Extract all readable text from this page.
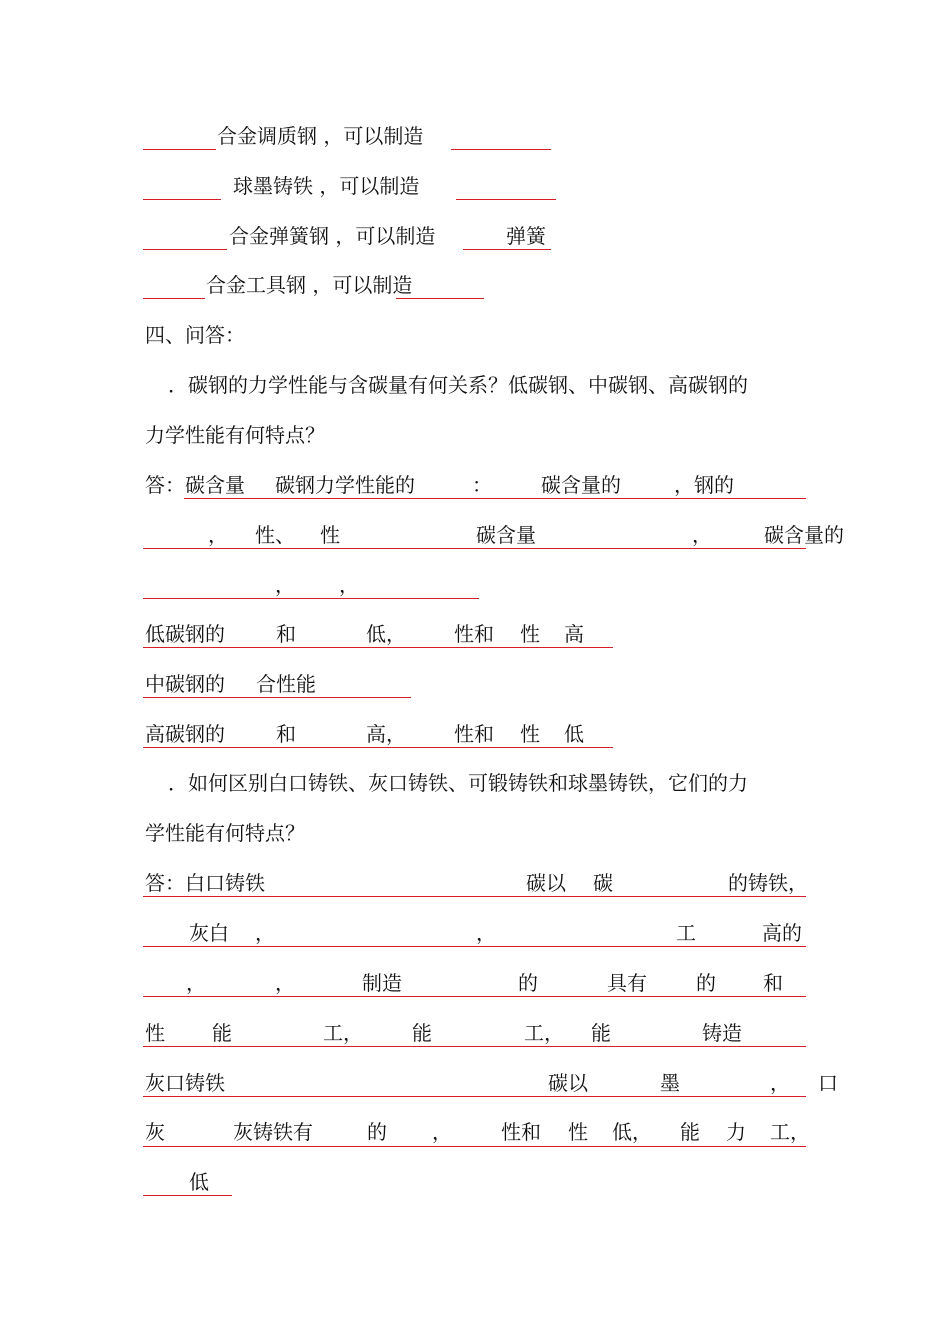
合金调质钢 ，可以制造
球墨铸铁 ，可以制造
合金弹簧钢 ，可以制造	弹簧
合金工具钢 ，可以制造
四、问答：
．碳钢的力学性能与含碳量有何关系？低碳钢、中碳钢、高碳钢的
力学性能有何特点？
答：碳含量 碳钢力学性能的	： 碳含量的	，钢的
， 性、 性	碳含量	，	碳含量的
， ，
低碳钢的	和	低， 性和 性 高
中碳钢的 合性能
高碳钢的	和	高， 性和 性 低
．如何区别白口铸铁、灰口铸铁、可锻铸铁和球墨铸铁，它们的力
学性能有何特点？
答：白口铸铁	碳以 碳	的铸铁，
灰白 ，	，	工	高的
，	，	制造	的	具有 的 和
性 能	工， 能	工， 能	铸造
灰口铸铁	碳以	墨	， 口
灰	灰铸铁有	的 ， 性和 性 低， 能 力 工，
低
